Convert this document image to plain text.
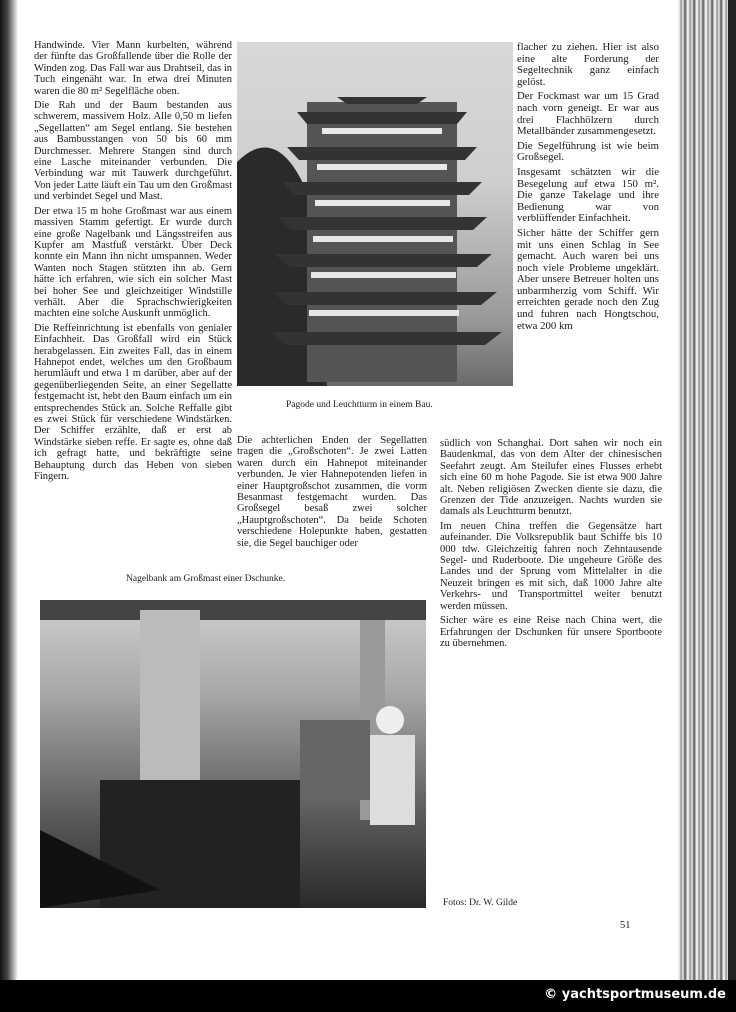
Handwinde. Vier Mann kurbelten, während der fünfte das Großfallende über die Rolle der Winden zog. Das Fall war aus Drahtseil, das in Tuch eingenäht war. In etwa drei Minuten waren die 80 m² Segelfläche oben.

Die Rah und der Baum bestanden aus schwerem, massivem Holz. Alle 0,50 m liefen „Segellatten“ am Segel entlang. Sie bestehen aus Bambusstangen von 50 bis 60 mm Durchmesser. Mehrere Stangen sind durch eine Lasche miteinander verbunden. Die Verbindung war mit Tauwerk durchgeführt. Von jeder Latte läuft ein Tau um den Großmast und verbindet Segel und Mast.

Der etwa 15 m hohe Großmast war aus einem massiven Stamm gefertigt. Er wurde durch eine große Nagelbank und Längsstreifen aus Kupfer am Mastfuß verstärkt. Über Deck konnte ein Mann ihn nicht umspannen. Weder Wanten noch Stagen stützten ihn ab. Gern hätte ich erfahren, wie sich ein solcher Mast bei hoher See und gleichzeitiger Windstille verhält. Aber die Sprachschwierigkeiten machten eine solche Auskunft unmöglich.

Die Reffeinrichtung ist ebenfalls von genialer Einfachheit. Das Großfall wird ein Stück herabgelassen. Ein zweites Fall, das in einem Hahnepot endet, welches um den Großbaum herumläuft und etwa 1 m darüber, aber auf der gegenüberliegenden Seite, an einer Segellatte festgemacht ist, hebt den Baum einfach um ein entsprechendes Stück an. Solche Reffalle gibt es zwei Stück für verschiedene Windstärken. Der Schiffer erzählte, daß er erst ab Windstärke sieben reffe. Er sagte es, ohne daß ich gefragt hatte, und bekräftigte seine Behauptung durch das Heben von sieben Fingern.

Pagode und Leuchtturm in einem Bau.

flacher zu ziehen. Hier ist also eine alte Forderung der Segeltechnik ganz einfach gelöst.

Der Fockmast war um 15 Grad nach vorn geneigt. Er war aus drei Flachhölzern durch Metallbänder zusammengesetzt.

Die Segelführung ist wie beim Großsegel.

Insgesamt schätzten wir die Besegelung auf etwa 150 m². Die ganze Takelage und ihre Bedienung war von verblüffender Einfachheit.

Sicher hätte der Schiffer gern mit uns einen Schlag in See gemacht. Auch waren bei uns noch viele Probleme ungeklärt. Aber unsere Betreuer holten uns unbarmherzig vom Schiff. Wir erreichten gerade noch den Zug und fuhren nach Hongtschou, etwa 200 km

Die achterlichen Enden der Segellatten tragen die „Großschoten“. Je zwei Latten waren durch ein Hahnepot miteinander verbunden. Je vier Hahnepotenden liefen in einer Hauptgroßschot zusammen, die vorm Besanmast festgemacht wurden. Das Großsegel besaß zwei solcher „Hauptgroßschoten“. Da beide Schoten verschiedene Holepunkte haben, gestatten sie, die Segel bauchiger oder

südlich von Schanghai. Dort sahen wir noch ein Baudenkmal, das von dem Alter der chinesischen Seefahrt zeugt. Am Steilufer eines Flusses erhebt sich eine 60 m hohe Pagode. Sie ist etwa 900 Jahre alt. Neben religiösen Zwecken diente sie dazu, die Grenzen der Tide anzuzeigen. Nachts wurden sie damals als Leuchtturm benutzt.

Im neuen China treffen die Gegensätze hart aufeinander. Die Volksrepublik baut Schiffe bis 10 000 tdw. Gleichzeitig fahren noch Zehntausende Segel- und Ruderboote. Die ungeheure Größe des Landes und der Sprung vom Mittelalter in die Neuzeit bringen es mit sich, daß 1000 Jahre alte Verkehrs- und Transportmittel weiter benutzt werden müssen.

Sicher wäre es eine Reise nach China wert, die Erfahrungen der Dschunken für unsere Sportboote zu übernehmen.

Nagelbank am Großmast einer Dschunke.
Fotos: Dr. W. Gilde
51
© yachtsportmuseum.de
